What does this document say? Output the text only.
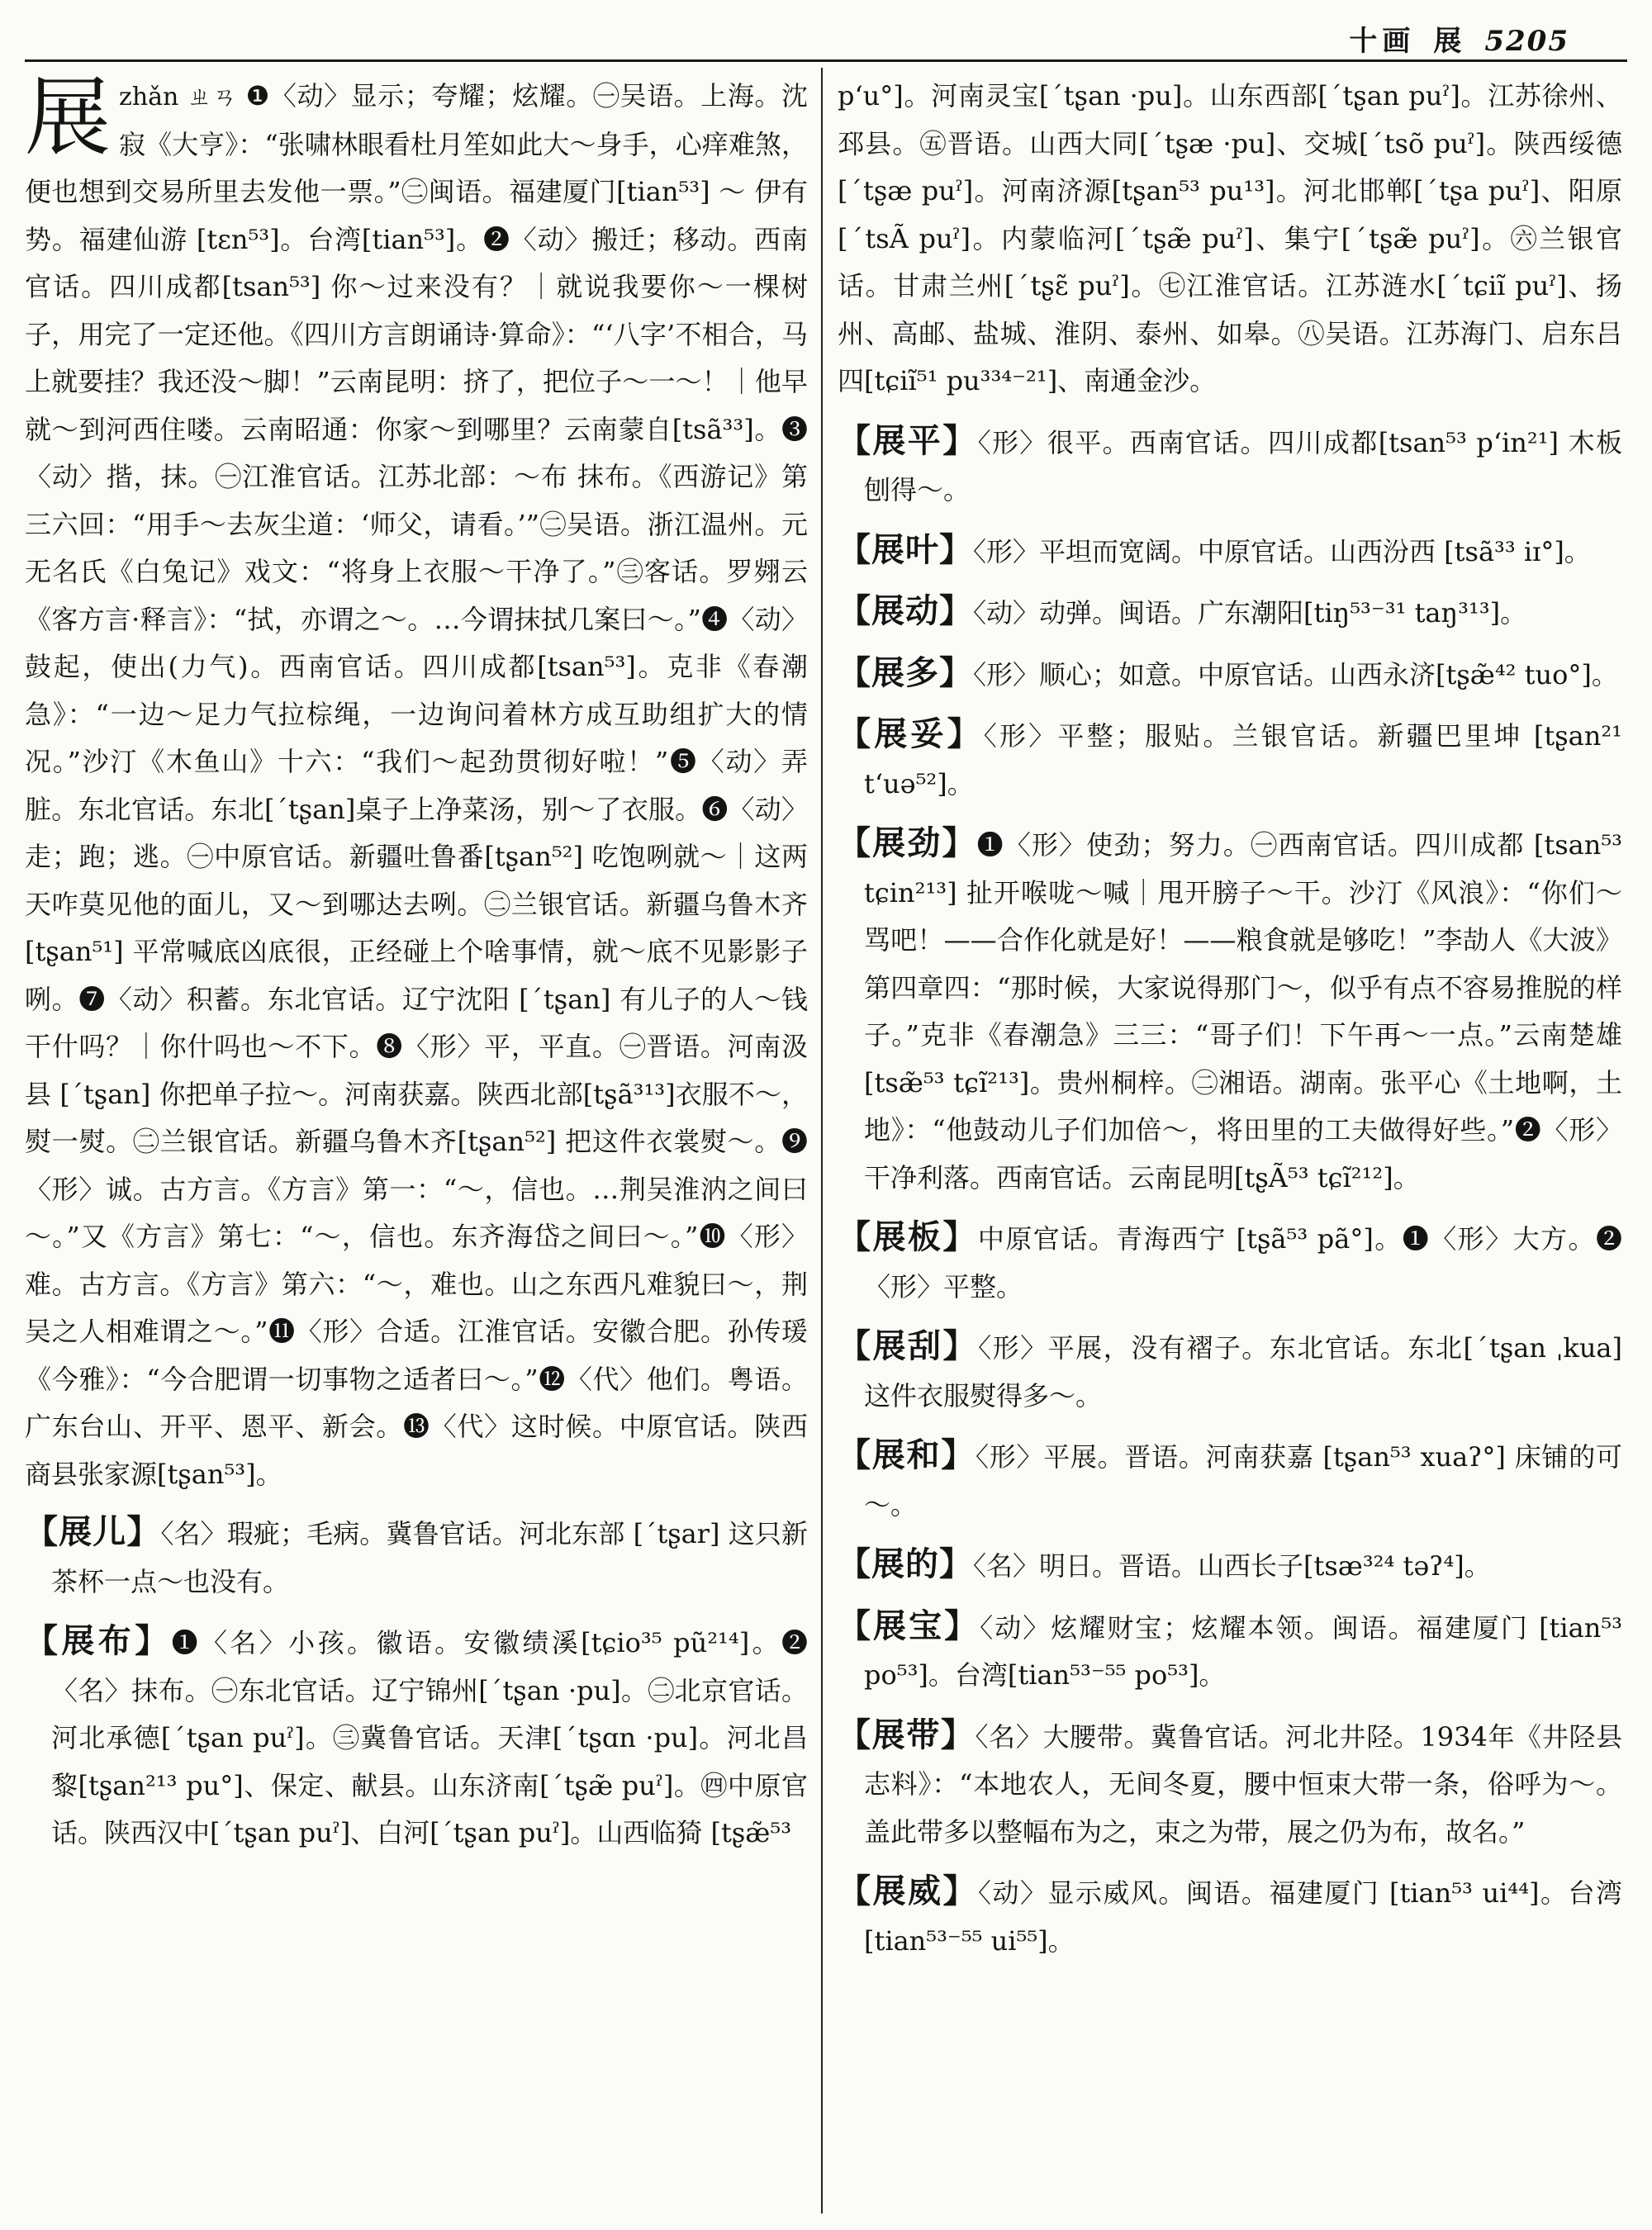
十画 展 5205
展 zhǎn ㄓㄢ ❶〈动〉显示；夸耀；炫耀。㊀吴语。上海。沈寂《大亨》：“张啸林眼看杜月笙如此大～身手，心痒难煞，便也想到交易所里去发他一票。”㊁闽语。福建厦门[tian⁵³] ～ 伊有势。福建仙游 [tɛn⁵³]。台湾[tian⁵³]。❷〈动〉搬迁；移动。西南官话。四川成都[tsan⁵³] 你～过来没有？｜就说我要你～一棵树子，用完了一定还他。《四川方言朗诵诗·算命》：“‘八字’不相合，马上就要挂？我还没～脚！”云南昆明：挤了，把位子～一～！｜他早就～到河西住喽。云南昭通：你家～到哪里？云南蒙自[tsã³³]。❸〈动〉揩，抹。㊀江淮官话。江苏北部：～布 抹布。《西游记》第三六回：“用手～去灰尘道：‘师父，请看。’”㊁吴语。浙江温州。元无名氏《白兔记》戏文：“将身上衣服～干净了。”㊂客话。罗翙云《客方言·释言》：“拭，亦谓之～。…今谓抹拭几案曰～。”❹〈动〉鼓起，使出(力气)。西南官话。四川成都[tsan⁵³]。克非《春潮急》：“一边～足力气拉棕绳，一边询问着林方成互助组扩大的情况。”沙汀《木鱼山》十六：“我们～起劲贯彻好啦！”❺〈动〉弄脏。东北官话。东北[ˊtʂan]桌子上净菜汤，别～了衣服。❻〈动〉走；跑；逃。㊀中原官话。新疆吐鲁番[tʂan⁵²] 吃饱咧就～｜这两天咋莫见他的面儿，又～到哪达去咧。㊁兰银官话。新疆乌鲁木齐 [tʂan⁵¹] 平常喊底凶底很，正经碰上个啥事情，就～底不见影影子咧。❼〈动〉积蓄。东北官话。辽宁沈阳 [ˊtʂan] 有儿子的人～钱干什吗？｜你什吗也～不下。❽〈形〉平，平直。㊀晋语。河南汲县 [ˊtʂan] 你把单子拉～。河南获嘉。陕西北部[tʂã³¹³]衣服不～，熨一熨。㊁兰银官话。新疆乌鲁木齐[tʂan⁵²] 把这件衣裳熨～。❾〈形〉诚。古方言。《方言》第一：“～，信也。…荆吴淮汭之间曰～。”又《方言》第七：“～，信也。东齐海岱之间曰～。”❿〈形〉难。古方言。《方言》第六：“～，难也。山之东西凡难貌曰～，荆吴之人相难谓之～。”⓫〈形〉合适。江淮官话。安徽合肥。孙传瑗《今雅》：“今合肥谓一切事物之适者曰～。”⓬〈代〉他们。粤语。广东台山、开平、恩平、新会。⓭〈代〉这时候。中原官话。陕西商县张家源[tʂan⁵³]。
【展儿】〈名〉瑕疵；毛病。冀鲁官话。河北东部 [ˊtʂar] 这只新茶杯一点～也没有。
【展布】❶〈名〉小孩。徽语。安徽绩溪[tɕio³⁵ pũ²¹⁴]。❷〈名〉抹布。㊀东北官话。辽宁锦州[ˊtʂan ·pu]。㊁北京官话。河北承德[ˊtʂan puˀ]。㊂冀鲁官话。天津[ˊtʂɑn ·pu]。河北昌黎[tʂan²¹³ pu°]、保定、献县。山东济南[ˊtʂæ̃ puˀ]。㊃中原官话。陕西汉中[ˊtʂan puˀ]、白河[ˊtʂan puˀ]。山西临猗 [tʂæ̃⁵³
p‘u°]。河南灵宝[ˊtʂan ·pu]。山东西部[ˊtʂan puˀ]。江苏徐州、邳县。㊄晋语。山西大同[ˊtʂæ ·pu]、交城[ˊtsõ puˀ]。陕西绥德[ˊtʂæ puˀ]。河南济源[tʂan⁵³ pu¹³]。河北邯郸[ˊtʂa puˀ]、阳原[ˊtsÃ puˀ]。内蒙临河[ˊtʂæ̃ puˀ]、集宁[ˊtʂæ̃ puˀ]。㊅兰银官话。甘肃兰州[ˊtʂɛ̃ puˀ]。㊆江淮官话。江苏涟水[ˊtɕiĩ puˀ]、扬州、高邮、盐城、淮阴、泰州、如皋。㊇吴语。江苏海门、启东吕四[tɕiĩ⁵¹ pu³³⁴⁻²¹]、南通金沙。
【展平】〈形〉很平。西南官话。四川成都[tsan⁵³ p‘in²¹] 木板刨得～。
【展叶】〈形〉平坦而宽阔。中原官话。山西汾西 [tsã³³ iɪ°]。
【展动】〈动〉动弹。闽语。广东潮阳[tiŋ⁵³⁻³¹ taŋ³¹³]。
【展多】〈形〉顺心；如意。中原官话。山西永济[tʂæ̃⁴² tuo°]。
【展妥】〈形〉平整；服贴。兰银官话。新疆巴里坤 [tʂan²¹ t‘uə⁵²]。
【展劲】❶〈形〉使劲；努力。㊀西南官话。四川成都 [tsan⁵³ tɕin²¹³] 扯开喉咙～喊｜甩开膀子～干。沙汀《风浪》：“你们～骂吧！——合作化就是好！——粮食就是够吃！”李劼人《大波》第四章四：“那时候，大家说得那门～，似乎有点不容易推脱的样子。”克非《春潮急》三三：“哥子们！下午再～一点。”云南楚雄[tsæ̃⁵³ tɕĩ²¹³]。贵州桐梓。㊁湘语。湖南。张平心《土地啊，土地》：“他鼓动儿子们加倍～，将田里的工夫做得好些。”❷〈形〉干净利落。西南官话。云南昆明[tʂÃ⁵³ tɕĩ²¹²]。
【展板】中原官话。青海西宁 [tʂã⁵³ pã°]。❶〈形〉大方。❷〈形〉平整。
【展刮】〈形〉平展，没有褶子。东北官话。东北[ˊtʂan ˌkua] 这件衣服熨得多～。
【展和】〈形〉平展。晋语。河南获嘉 [tʂan⁵³ xuaʔ°] 床铺的可～。
【展的】〈名〉明日。晋语。山西长子[tsæ³²⁴ təʔ⁴]。
【展宝】〈动〉炫耀财宝；炫耀本领。闽语。福建厦门 [tian⁵³ po⁵³]。台湾[tian⁵³⁻⁵⁵ po⁵³]。
【展带】〈名〉大腰带。冀鲁官话。河北井陉。1934年《井陉县志料》：“本地农人，无间冬夏，腰中恒束大带一条，俗呼为～。盖此带多以整幅布为之，束之为带，展之仍为布，故名。”
【展威】〈动〉显示威风。闽语。福建厦门 [tian⁵³ ui⁴⁴]。台湾[tian⁵³⁻⁵⁵ ui⁵⁵]。
